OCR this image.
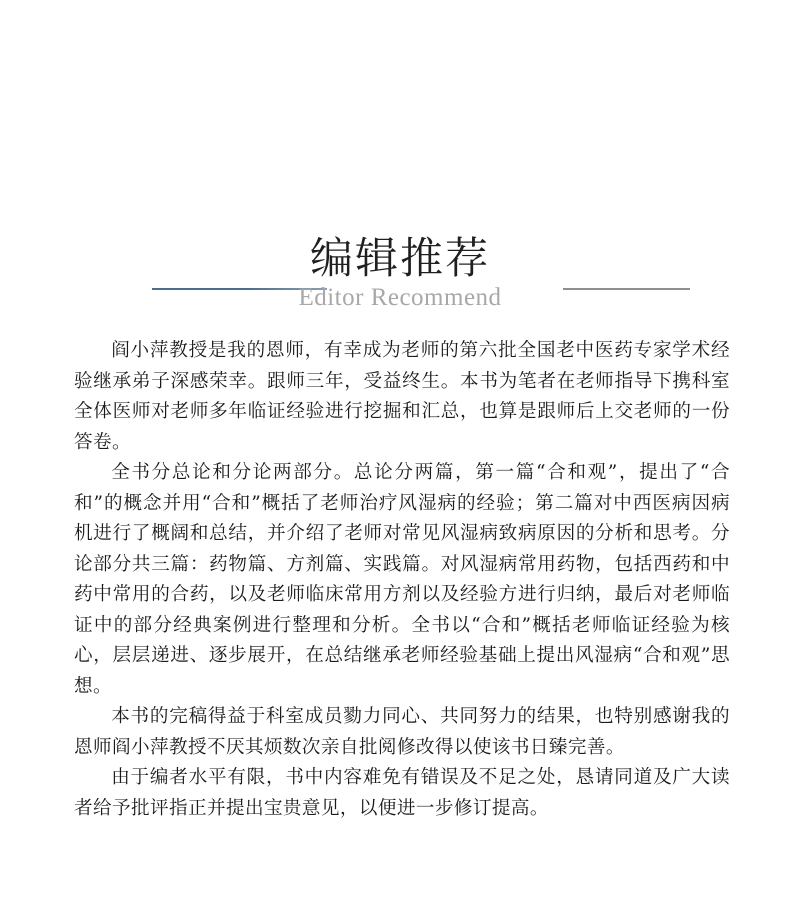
编辑推荐
Editor Recommend

阎小萍教授是我的恩师，有幸成为老师的第六批全国老中医药专家学术经验继承弟子深感荣幸。跟师三年，受益终生。本书为笔者在老师指导下携科室全体医师对老师多年临证经验进行挖掘和汇总，也算是跟师后上交老师的一份答卷。

全书分总论和分论两部分。总论分两篇，第一篇“合和观”，提出了“合和”的概念并用“合和”概括了老师治疗风湿病的经验；第二篇对中西医病因病机进行了概阔和总结，并介绍了老师对常见风湿病致病原因的分析和思考。分论部分共三篇：药物篇、方剂篇、实践篇。对风湿病常用药物，包括西药和中药中常用的合药，以及老师临床常用方剂以及经验方进行归纳，最后对老师临证中的部分经典案例进行整理和分析。全书以“合和”概括老师临证经验为核心，层层递进、逐步展开，在总结继承老师经验基础上提出风湿病“合和观”思想。

本书的完稿得益于科室成员勠力同心、共同努力的结果，也特别感谢我的恩师阎小萍教授不厌其烦数次亲自批阅修改得以使该书日臻完善。

由于编者水平有限，书中内容难免有错误及不足之处，恳请同道及广大读者给予批评指正并提出宝贵意见，以便进一步修订提高。
